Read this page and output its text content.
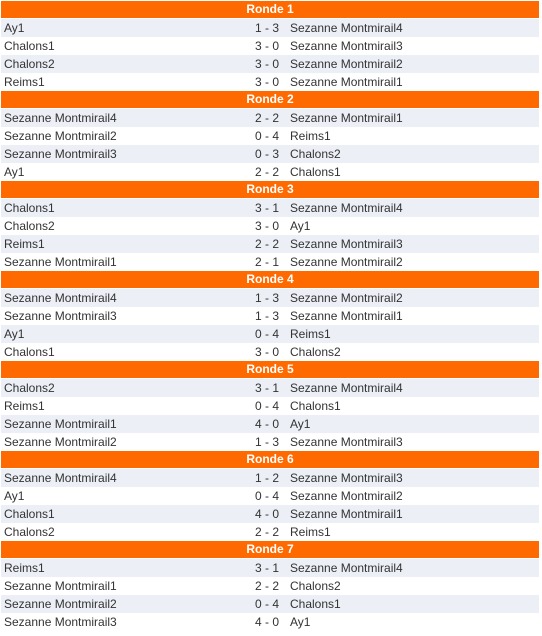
Ronde 1
Ay1	1 - 3 Sezanne Montmirail4
Chalons1	3 - 0 Sezanne Montmirail3
Chalons2	3 - 0 Sezanne Montmirail2
Reims1	3 - 0 Sezanne Montmirail1
Ronde 2
Sezanne Montmirail4	2 - 2 Sezanne Montmirail1
Sezanne Montmirail2	0 - 4 Reims1
Sezanne Montmirail3	0 - 3 Chalons2
Ay1	2 - 2 Chalons1
Ronde 3
Chalons1	3 - 1 Sezanne Montmirail4
Chalons2	3 - 0 Ay1
Reims1	2 - 2 Sezanne Montmirail3
Sezanne Montmirail1	2 - 1 Sezanne Montmirail2
Ronde 4
Sezanne Montmirail4	1 - 3 Sezanne Montmirail2
Sezanne Montmirail3	1 - 3 Sezanne Montmirail1
Ay1	0 - 4 Reims1
Chalons1	3 - 0 Chalons2
Ronde 5
Chalons2	3 - 1 Sezanne Montmirail4
Reims1	0 - 4 Chalons1
Sezanne Montmirail1	4 - 0 Ay1
Sezanne Montmirail2	1 - 3 Sezanne Montmirail3
Ronde 6
Sezanne Montmirail4	1 - 2 Sezanne Montmirail3
Ay1	0 - 4 Sezanne Montmirail2
Chalons1	4 - 0 Sezanne Montmirail1
Chalons2	2 - 2 Reims1
Ronde 7
Reims1	3 - 1 Sezanne Montmirail4
Sezanne Montmirail1	2 - 2 Chalons2
Sezanne Montmirail2	0 - 4 Chalons1
Sezanne Montmirail3	4 - 0 Ay1
